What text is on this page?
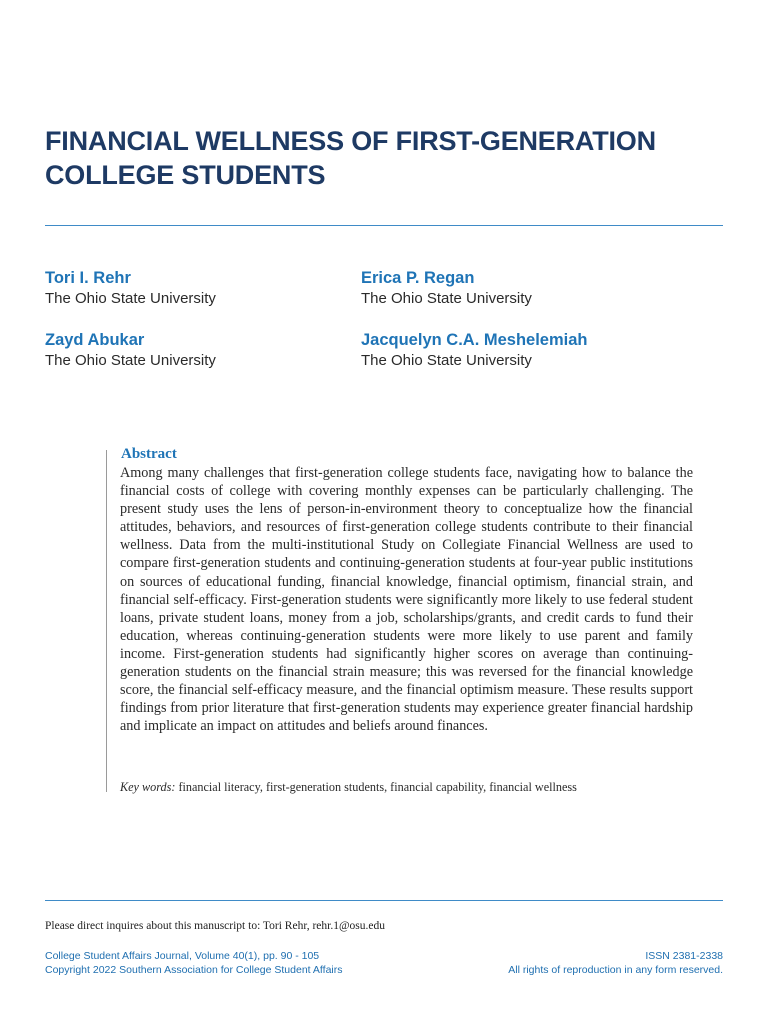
FINANCIAL WELLNESS OF FIRST-GENERATION
COLLEGE STUDENTS
Tori I. Rehr
The Ohio State University
Erica P. Regan
The Ohio State University
Zayd Abukar
The Ohio State University
Jacquelyn C.A. Meshelemiah
The Ohio State University
Abstract

Among many challenges that first-generation college students face, navigating how to balance the financial costs of college with covering monthly expenses can be particularly challenging. The present study uses the lens of person-in-environment theory to conceptualize how the financial attitudes, behaviors, and resources of first-generation college students contribute to their financial wellness. Data from the multi-institutional Study on Collegiate Financial Wellness are used to compare first-generation students and continuing-generation students at four-year public institutions on sources of educational funding, financial knowledge, financial optimism, financial strain, and financial self-efficacy. First-generation students were significantly more likely to use federal student loans, private student loans, money from a job, scholarships/grants, and credit cards to fund their education, whereas continuing-generation students were more likely to use parent and family income. First-generation students had significantly higher scores on average than continuing-generation students on the financial strain measure; this was reversed for the financial knowledge score, the financial self-efficacy measure, and the financial optimism measure. These results support findings from prior literature that first-generation students may experience greater financial hardship and implicate an impact on attitudes and beliefs around finances.

Key words: financial literacy, first-generation students, financial capability, financial wellness
Please direct inquires about this manuscript to: Tori Rehr, rehr.1@osu.edu
College Student Affairs Journal, Volume 40(1), pp. 90 - 105
Copyright 2022 Southern Association for College Student Affairs
ISSN 2381-2338
All rights of reproduction in any form reserved.
